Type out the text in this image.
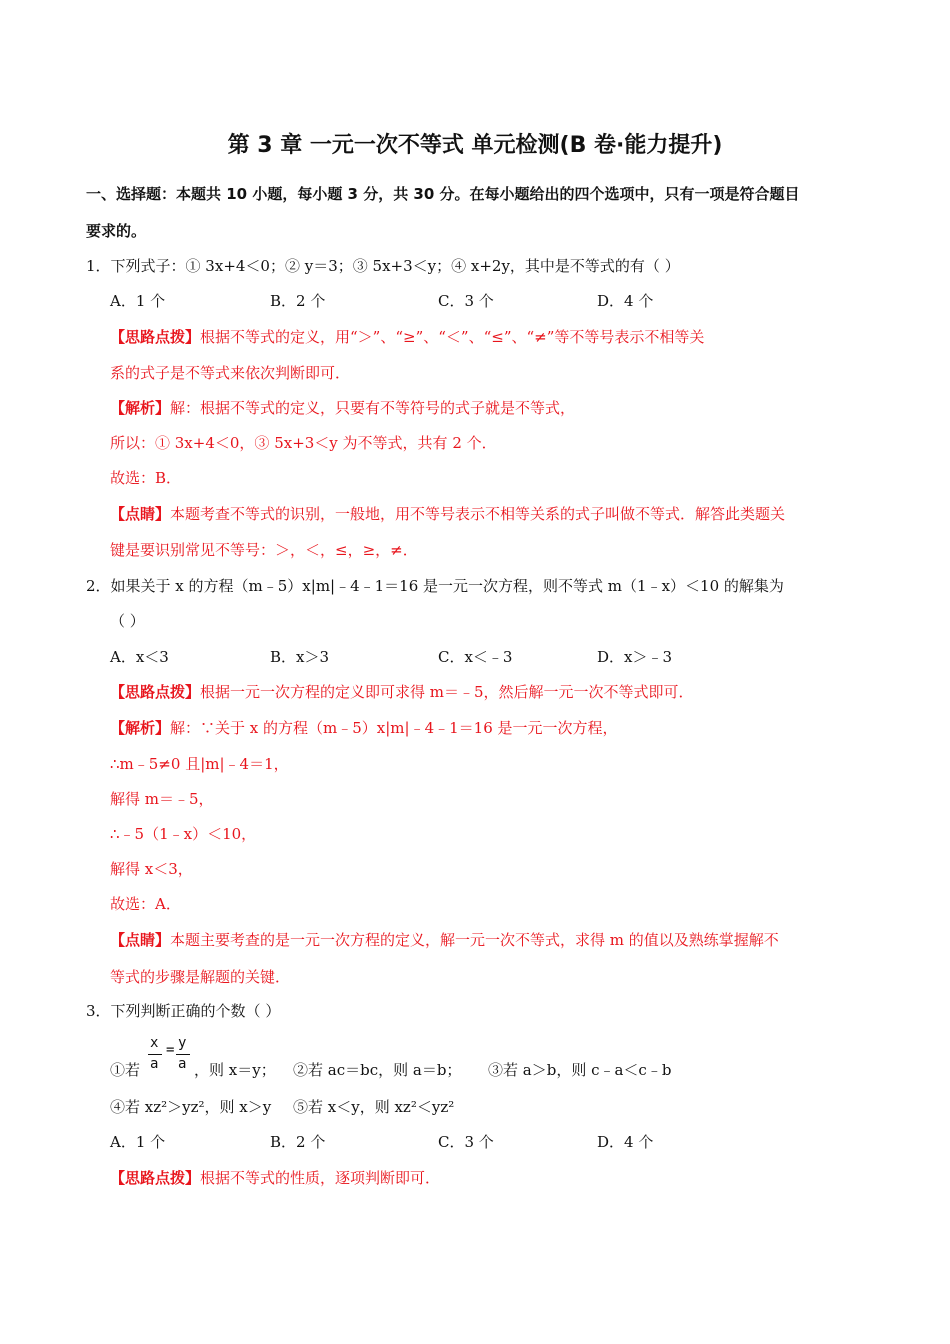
第 3 章 一元一次不等式 单元检测(B 卷·能力提升)
一、选择题：本题共 10 小题，每小题 3 分，共 30 分。在每小题给出的四个选项中，只有一项是符合题目
要求的。
1．下列式子：① 3x+4＜0；② y＝3；③ 5x+3＜y；④ x+2y，其中是不等式的有（ ）
A．1 个	B．2 个	C．3 个	D．4 个
【思路点拨】根据不等式的定义，用“＞”、“≥”、“＜”、“≤”、“≠”等不等号表示不相等关
系的式子是不等式来依次判断即可．
【解析】解：根据不等式的定义，只要有不等符号的式子就是不等式，
所以：① 3x+4＜0，③ 5x+3＜y 为不等式，共有 2 个．
故选：B．
【点睛】本题考查不等式的识别，一般地，用不等号表示不相等关系的式子叫做不等式．解答此类题关
键是要识别常见不等号：＞，＜，≤，≥，≠．
2．如果关于 x 的方程（m﹣5）x|m|﹣4﹣1＝16 是一元一次方程，则不等式 m（1﹣x）＜10 的解集为
（ ）
A．x＜3	B．x＞3	C．x＜﹣3	D．x＞﹣3
【思路点拨】根据一元一次方程的定义即可求得 m＝﹣5，然后解一元一次不等式即可．
【解析】解：∵关于 x 的方程（m﹣5）x|m|﹣4﹣1＝16 是一元一次方程，
∴m﹣5≠0 且|m|﹣4＝1，
解得 m＝﹣5，
∴﹣5（1﹣x）＜10，
解得 x＜3，
故选：A．
【点睛】本题主要考查的是一元一次方程的定义，解一元一次不等式，求得 m 的值以及熟练掌握解不
等式的步骤是解题的关键．
3．下列判断正确的个数（ ）
x
a
= y
a
①若	，则 x＝y； ②若 ac＝bc，则 a＝b； ③若 a＞b，则 c﹣a＜c﹣b
④若 xz²＞yz²，则 x＞y ⑤若 x＜y，则 xz²＜yz²
A．1 个	B．2 个	C．3 个	D．4 个
【思路点拨】根据不等式的性质，逐项判断即可．
